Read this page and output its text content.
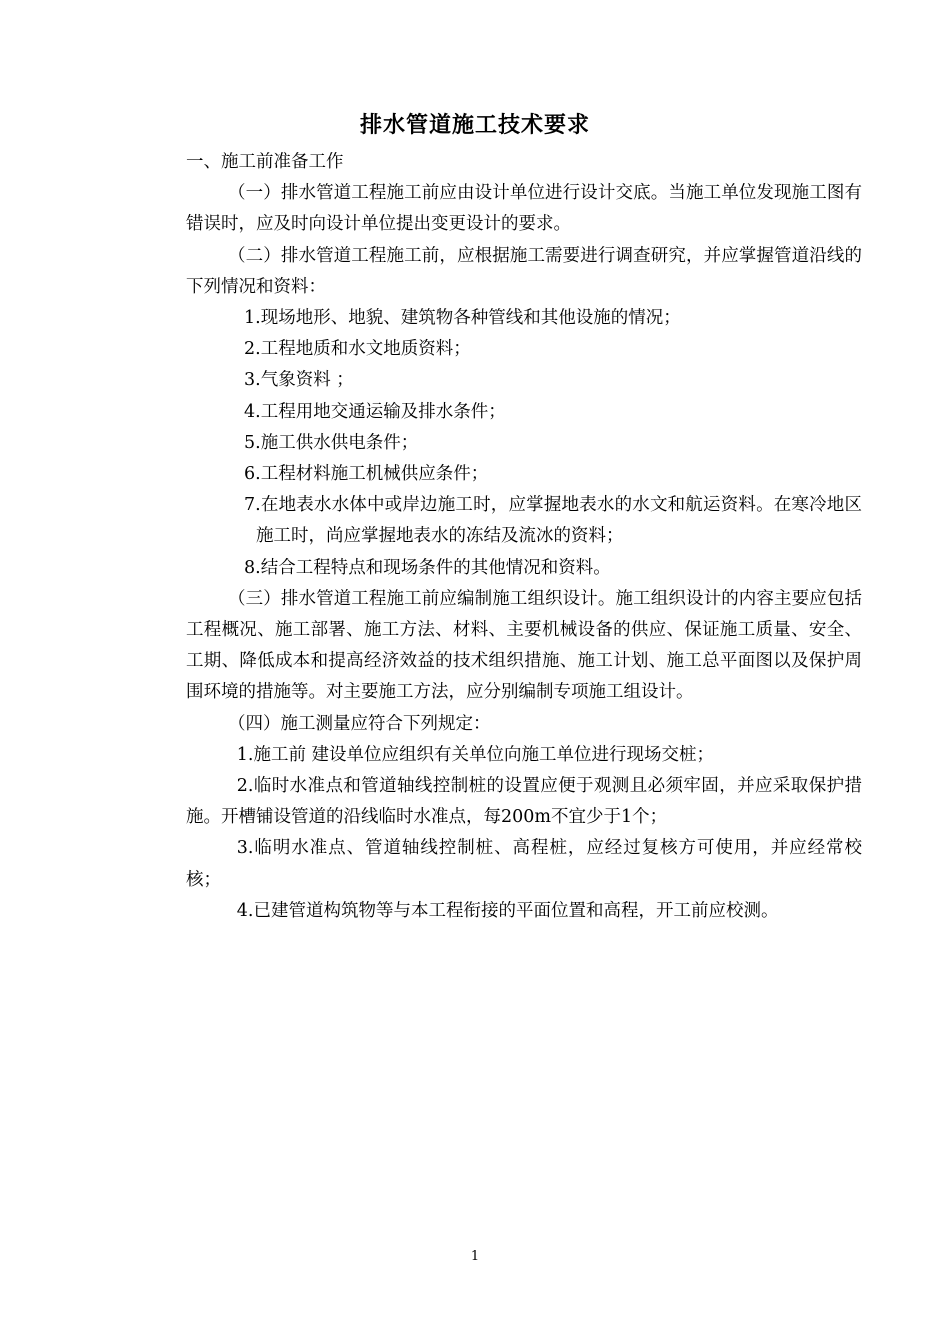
排水管道施工技术要求

一、施工前准备工作

（一）排水管道工程施工前应由设计单位进行设计交底。当施工单位发现施工图有错误时，应及时向设计单位提出变更设计的要求。

（二）排水管道工程施工前，应根据施工需要进行调查研究，并应掌握管道沿线的下列情况和资料：

1.现场地形、地貌、建筑物各种管线和其他设施的情况；

2.工程地质和水文地质资料；

3.气象资料 ；

4.工程用地交通运输及排水条件；

5.施工供水供电条件；

6.工程材料施工机械供应条件；

7.在地表水水体中或岸边施工时，应掌握地表水的水文和航运资料。在寒冷地区施工时，尚应掌握地表水的冻结及流冰的资料；

8.结合工程特点和现场条件的其他情况和资料。

（三）排水管道工程施工前应编制施工组织设计。施工组织设计的内容主要应包括工程概况、施工部署、施工方法、材料、主要机械设备的供应、保证施工质量、安全、工期、降低成本和提高经济效益的技术组织措施、施工计划、施工总平面图以及保护周围环境的措施等。对主要施工方法，应分别编制专项施工组设计。

（四）施工测量应符合下列规定：

1.施工前 建设单位应组织有关单位向施工单位进行现场交桩；

2.临时水准点和管道轴线控制桩的设置应便于观测且必须牢固，并应采取保护措施。开槽铺设管道的沿线临时水准点，每200m不宜少于1个；

3.临明水准点、管道轴线控制桩、高程桩，应经过复核方可使用，并应经常校核；

4.已建管道构筑物等与本工程衔接的平面位置和高程，开工前应校测。

1
